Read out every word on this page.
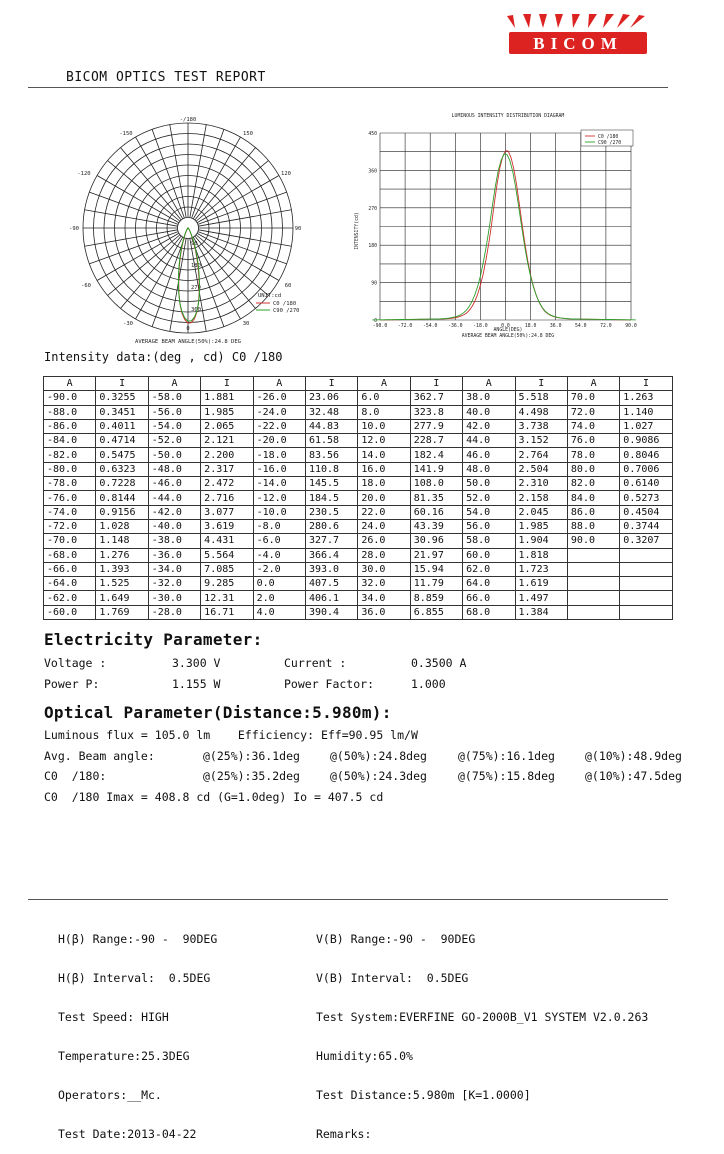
BICOM
BICOM OPTICS TEST REPORT
-/180
-150	150
-120	120
-90	90
-60	60
-30	30
0
90
180
270
360
UNIT:cd
C0 /180
C90 /270
AVERAGE BEAM ANGLE(50%):24.8 DEG
LUMINOUS INTENSITY DISTRIBUTION DIAGRAM
INTENSITY(cd)
ANGLE(DEG)
AVERAGE BEAM ANGLE(50%):24.8 DEG
-90.0 -72.0 -54.0 -36.0 -18.0	0.0	18.0	36.0	54.0	72.0	90.0
450
360
270
180
90
0
C0 /180
C90 /270
Intensity data:(deg , cd) C0 /180
A	I	A	I	A	I	A	I	A	I	A	I
-90.0	0.3255	-58.0	1.881	-26.0	23.06	6.0	362.7	38.0	5.518	70.0	1.263
-88.0	0.3451	-56.0	1.985	-24.0	32.48	8.0	323.8	40.0	4.498	72.0	1.140
-86.0	0.4011	-54.0	2.065	-22.0	44.83	10.0	277.9	42.0	3.738	74.0	1.027
-84.0	0.4714	-52.0	2.121	-20.0	61.58	12.0	228.7	44.0	3.152	76.0	0.9086
-82.0	0.5475	-50.0	2.200	-18.0	83.56	14.0	182.4	46.0	2.764	78.0	0.8046
-80.0	0.6323	-48.0	2.317	-16.0	110.8	16.0	141.9	48.0	2.504	80.0	0.7006
-78.0	0.7228	-46.0	2.472	-14.0	145.5	18.0	108.0	50.0	2.310	82.0	0.6140
-76.0	0.8144	-44.0	2.716	-12.0	184.5	20.0	81.35	52.0	2.158	84.0	0.5273
-74.0	0.9156	-42.0	3.077	-10.0	230.5	22.0	60.16	54.0	2.045	86.0	0.4504
-72.0	1.028	-40.0	3.619	-8.0	280.6	24.0	43.39	56.0	1.985	88.0	0.3744
-70.0	1.148	-38.0	4.431	-6.0	327.7	26.0	30.96	58.0	1.904	90.0	0.3207
-68.0	1.276	-36.0	5.564	-4.0	366.4	28.0	21.97	60.0	1.818		
-66.0	1.393	-34.0	7.085	-2.0	393.0	30.0	15.94	62.0	1.723		
-64.0	1.525	-32.0	9.285	0.0	407.5	32.0	11.79	64.0	1.619		
-62.0	1.649	-30.0	12.31	2.0	406.1	34.0	8.859	66.0	1.497		
-60.0	1.769	-28.0	16.71	4.0	390.4	36.0	6.855	68.0	1.384		
Electricity Parameter:
Voltage :	3.300 V	Current :	0.3500 A
Power P:	1.155 W	Power Factor:	1.000
Optical Parameter(Distance:5.980m):
Luminous flux = 105.0 lm    Efficiency: Eff=90.95 lm/W
Avg. Beam angle:	@(25%):36.1deg	@(50%):24.8deg	@(75%):16.1deg	@(10%):48.9deg
C0  /180:	@(25%):35.2deg	@(50%):24.3deg	@(75%):15.8deg	@(10%):47.5deg
C0  /180 Imax = 408.8 cd (G=1.0deg) Io = 407.5 cd

H(β) Range:-90 -  90DEG

H(β) Interval:  0.5DEG

Test Speed: HIGH

Temperature:25.3DEG

Operators:__Mc.

Test Date:2013-04-22

V(B) Range:-90 -  90DEG

V(B) Interval:  0.5DEG

Test System:EVERFINE GO-2000B_V1 SYSTEM V2.0.263

Humidity:65.0%

Test Distance:5.980m [K=1.0000]

Remarks:
